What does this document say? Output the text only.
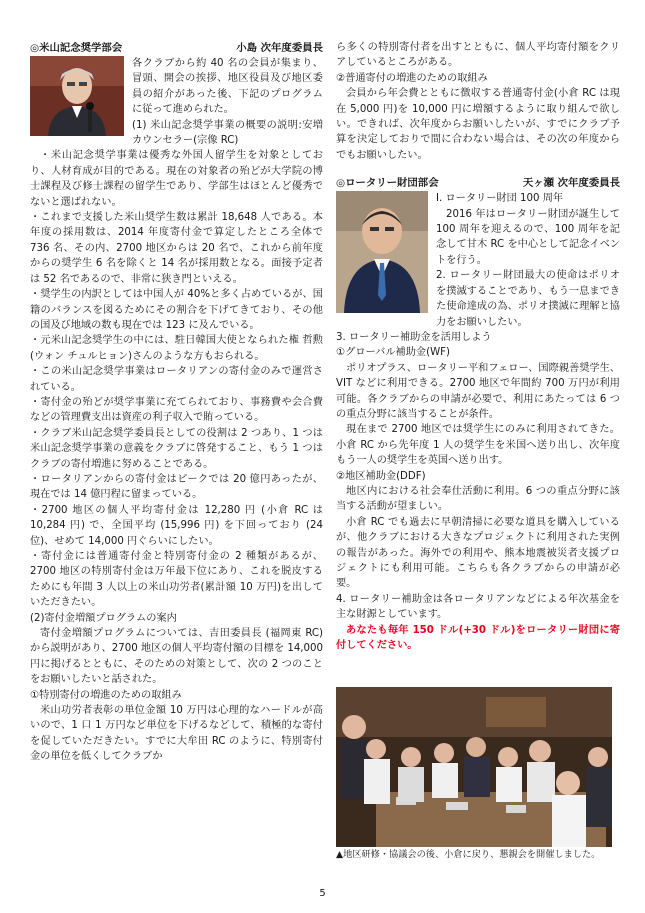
◎米山記念奨学部会	小島 次年度委員長

各クラブから約 40 名の会員が集まり、冒頭、開会の挨拶、地区役員及び地区委員の紹介があった後、下記のプログラムに従って進められた。

(1) 米山記念奨学事業の概要の説明:安増カウンセラー(宗像 RC)

・米山記念奨学事業は優秀な外国人留学生を対象としており、人材育成が目的である。現在の対象者の殆どが大学院の博士課程及び修士課程の留学生であり、学部生はほとんど優秀でないと選ばれない。

・これまで支援した米山奨学生数は累計 18,648 人である。本年度の採用数は、2014 年度寄付金で算定したところ全体で 736 名、その内、2700 地区からは 20 名で、これから前年度からの奨学生 6 名を除くと 14 名が採用数となる。面接予定者は 52 名であるので、非常に狭き門といえる。

・奨学生の内訳としては中国人が 40%と多く占めているが、国籍のバランスを図るためにその割合を下げてきており、その他の国及び地域の数も現在では 123 に及んでいる。

・元米山記念奨学生の中には、駐日韓国大使となられた権 哲勲(ウォン チュルヒョン)さんのような方もおられる。

・この米山記念奨学事業はロータリアンの寄付金のみで運営されている。

・寄付金の殆どが奨学事業に充てられており、事務費や会合費などの管理費支出は資産の利子収入で賄っている。

・クラブ米山記念奨学委員長としての役割は 2 つあり、1 つは米山記念奨学事業の意義をクラブに啓発すること、もう 1 つはクラブの寄付増進に努めることである。

・ロータリアンからの寄付金はピークでは 20 億円あったが、現在では 14 億円程に留まっている。

・2700 地区の個人平均寄付金は 12,280 円 (小倉 RC は 10,284 円) で、全国平均 (15,996 円) を下回っており (24 位)、せめて 14,000 円ぐらいにしたい。

・寄付金には普通寄付金と特別寄付金の 2 種類があるが、2700 地区の特別寄付金は万年最下位にあり、これを脱皮するためにも年間 3 人以上の米山功労者(累計額 10 万円)を出していただきたい。

(2)寄付金増額プログラムの案内

寄付金増額プログラムについては、吉田委員長 (福岡東 RC) から説明があり、2700 地区の個人平均寄付額の目標を 14,000 円に掲げるとともに、そのための対策として、次の 2 つのことをお願いしたいと話された。

①特別寄付の増進のための取組み

米山功労者表彰の単位金額 10 万円は心理的なハードルが高いので、1 口 1 万円など単位を下げるなどして、積極的な寄付を促していただきたい。すでに大牟田 RC のように、特別寄付金の単位を低くしてクラブか

ら多くの特別寄付者を出すとともに、個人平均寄付額をクリアしているところがある。

②普通寄付の増進のための取組み

会員から年会費とともに徴収する普通寄付金(小倉 RC は現在 5,000 円)を 10,000 円に増額するように取り組んで欲しい。できれば、次年度からお願いしたいが、すでにクラブ予算を決定しておりで間に合わない場合は、その次の年度からでもお願いしたい。

◎ロータリー財団部会	天ヶ瀬 次年度委員長

Ⅰ. ロータリー財団 100 周年

2016 年はロータリー財団が誕生して 100 周年を迎えるので、100 周年を記念して甘木 RC を中心として記念イベントを行う。

2. ロータリー財団最大の使命はポリオを撲滅することであり、もう一息まできた使命達成の為、ポリオ撲滅に理解と協力をお願いしたい。

3. ロータリー補助金を活用しよう

①グローバル補助金(WF)

ポリオプラス、ロータリー平和フェロー、国際親善奨学生、VIT などに利用できる。2700 地区で年間約 700 万円が利用可能。各クラブからの申請が必要で、利用にあたっては 6 つの重点分野に該当することが条件。

現在まで 2700 地区では奨学生にのみに利用されてきた。小倉 RC から先年度 1 人の奨学生を米国へ送り出し、次年度もう一人の奨学生を英国へ送り出す。

②地区補助金(DDF)

地区内における社会奉仕活動に利用。6 つの重点分野に該当する活動が望ましい。

小倉 RC でも過去に早朝清掃に必要な道具を購入しているが、他クラブにおける大きなプロジェクトに利用された実例の報告があった。海外での利用や、熊本地震被災者支援プロジェクトにも利用可能。こちらも各クラブからの申請が必要。

4. ロータリー補助金は各ロータリアンなどによる年次基金を主な財源としています。

あなたも毎年 150 ドル(+30 ドル)をロータリー財団に寄付してください。

▲地区研修・協議会の後、小倉に戻り、懇親会を開催しました。
5
